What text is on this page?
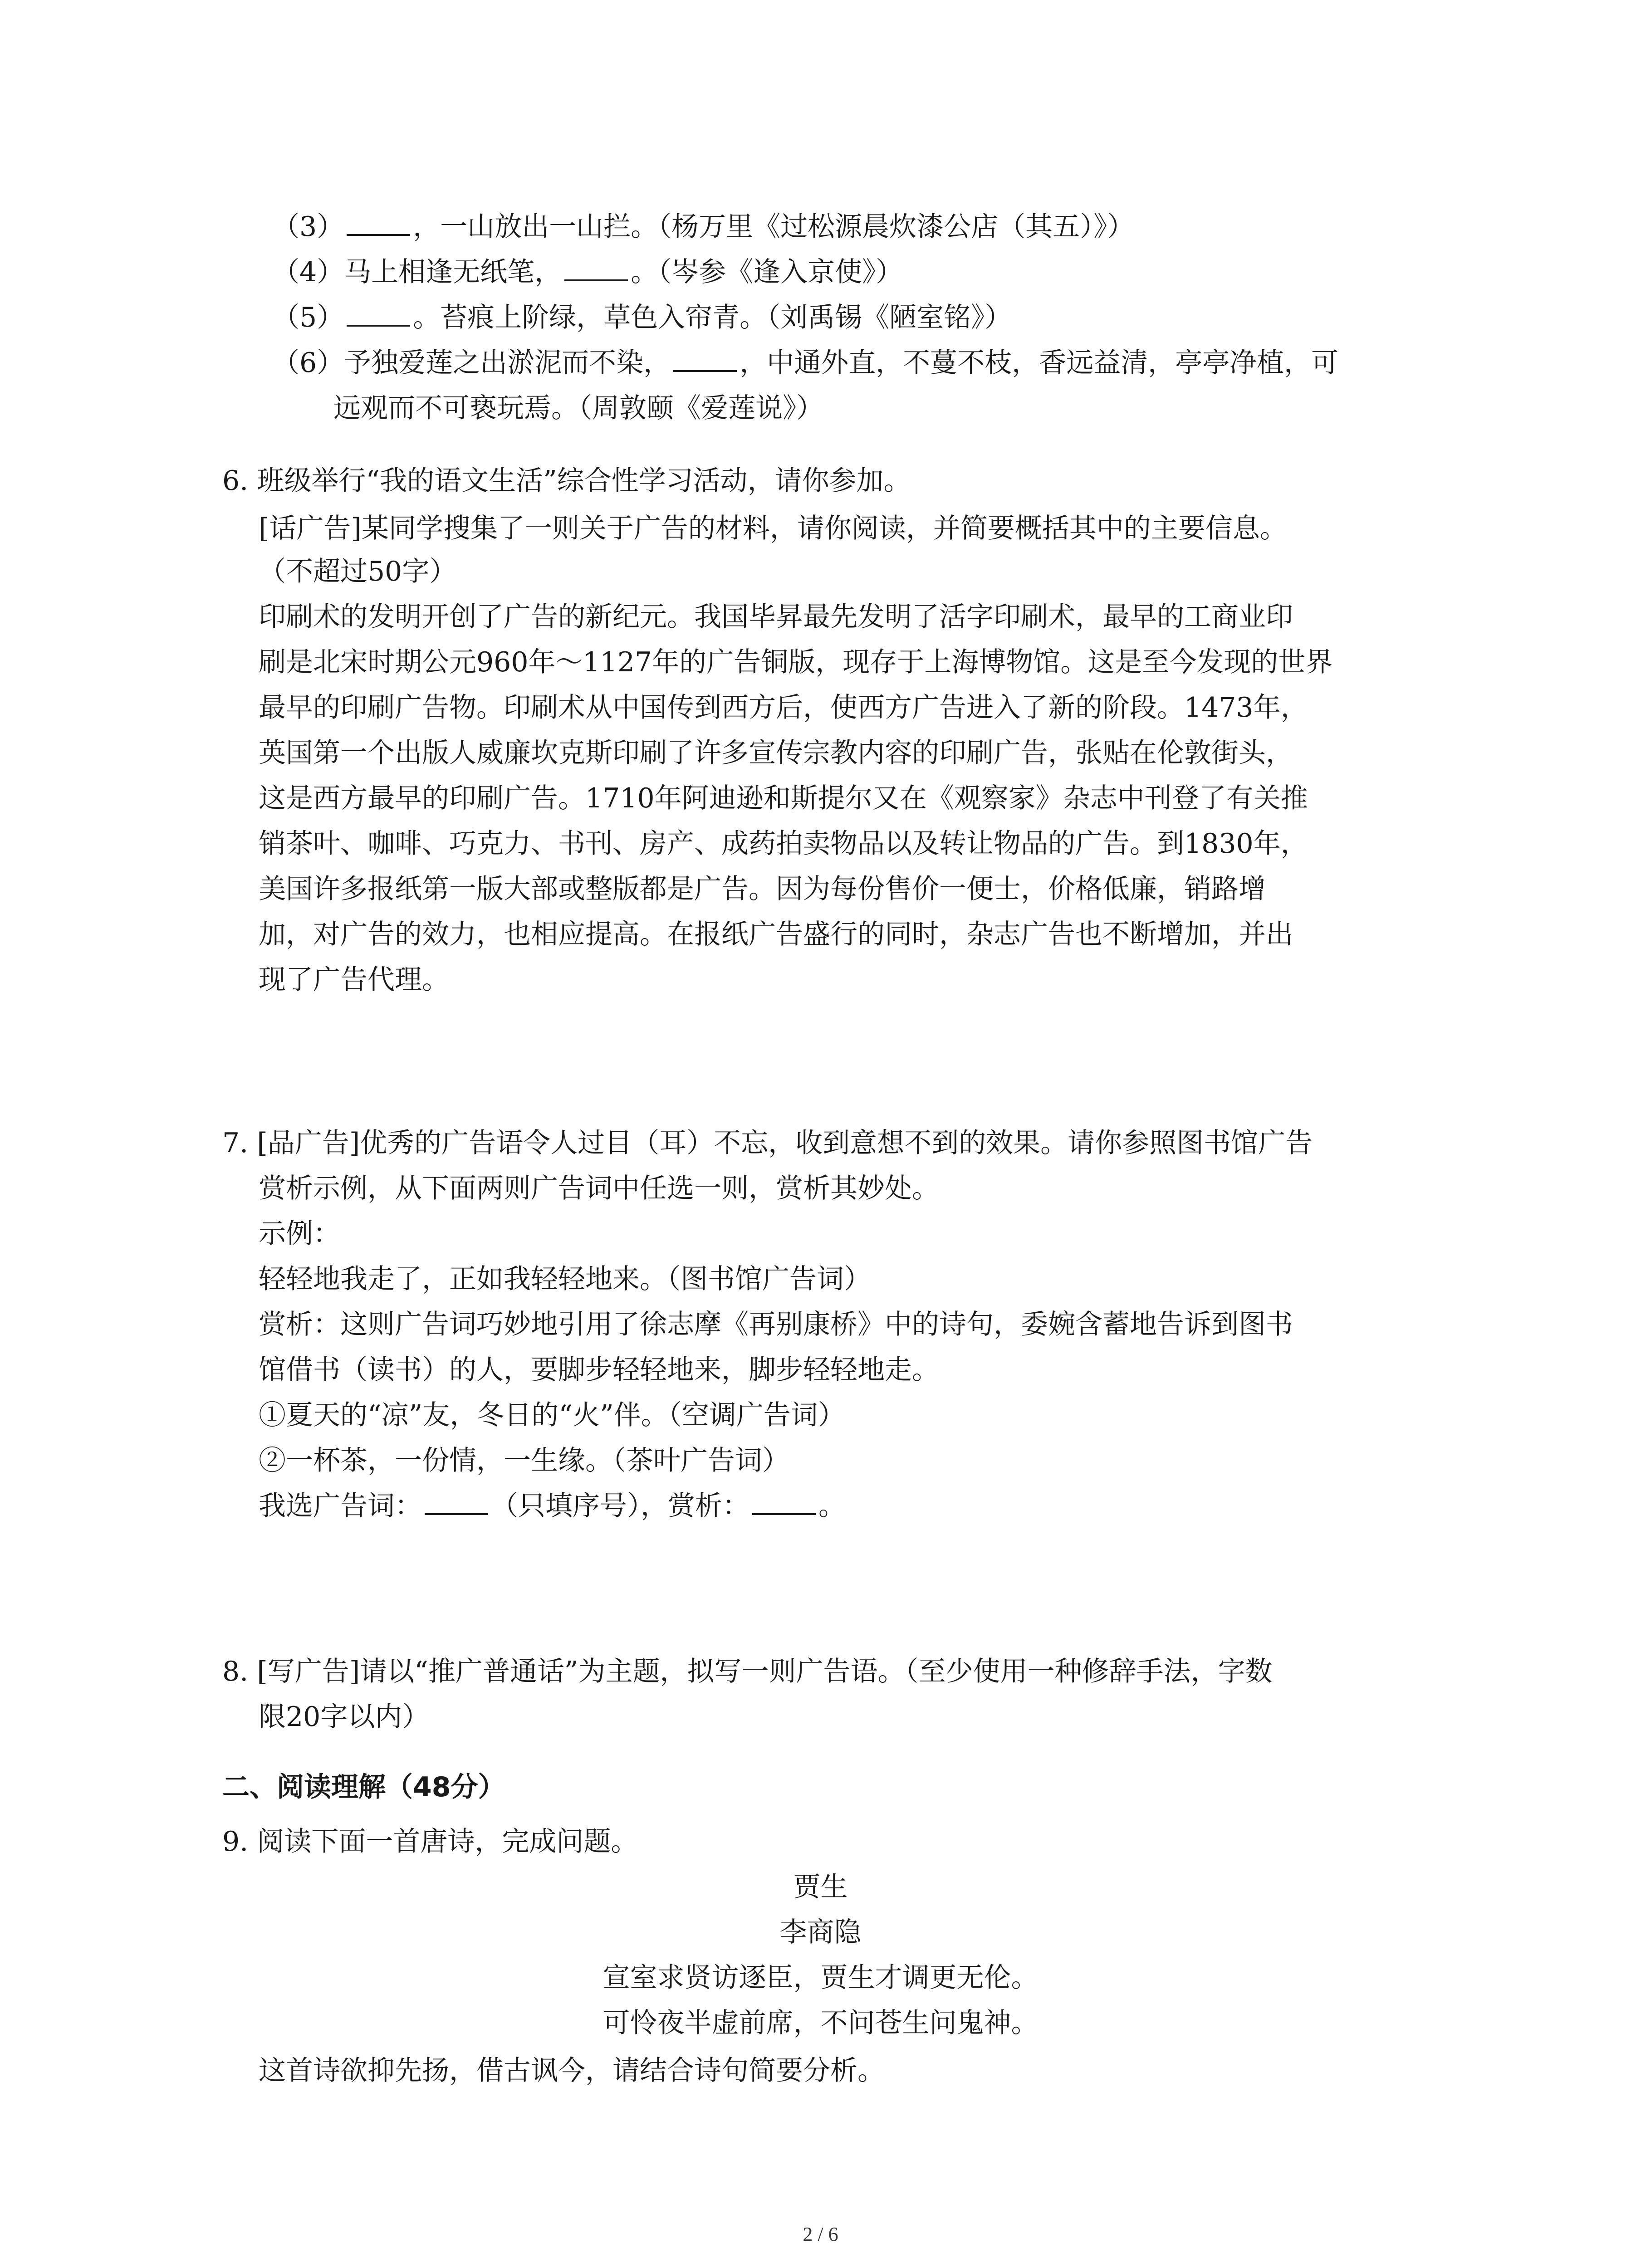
（3）	，一山放出一山拦。（杨万里《过松源晨炊漆公店（其五）》）
（4）马上相逢无纸笔，	。（岑参《逢入京使》）
（5）	。苔痕上阶绿，草色入帘青。（刘禹锡《陋室铭》）
（6）予独爱莲之出淤泥而不染，	，中通外直，不蔓不枝，香远益清，亭亭净植，可
远观而不可亵玩焉。（周敦颐《爱莲说》）
6. 班级举行“我的语文生活”综合性学习活动，请你参加。
[话广告]某同学搜集了一则关于广告的材料，请你阅读，并简要概括其中的主要信息。
（不超过50字）
印刷术的发明开创了广告的新纪元。我国毕昇最先发明了活字印刷术，最早的工商业印
刷是北宋时期公元960年～1127年的广告铜版，现存于上海博物馆。这是至今发现的世界
最早的印刷广告物。印刷术从中国传到西方后，使西方广告进入了新的阶段。1473年，
英国第一个出版人威廉坎克斯印刷了许多宣传宗教内容的印刷广告，张贴在伦敦街头，
这是西方最早的印刷广告。1710年阿迪逊和斯提尔又在《观察家》杂志中刊登了有关推
销茶叶、咖啡、巧克力、书刊、房产、成药拍卖物品以及转让物品的广告。到1830年，
美国许多报纸第一版大部或整版都是广告。因为每份售价一便士，价格低廉，销路增
加，对广告的效力，也相应提高。在报纸广告盛行的同时，杂志广告也不断增加，并出
现了广告代理。
7. [品广告]优秀的广告语令人过目（耳）不忘，收到意想不到的效果。请你参照图书馆广告
赏析示例，从下面两则广告词中任选一则，赏析其妙处。
示例：
轻轻地我走了，正如我轻轻地来。（图书馆广告词）
赏析：这则广告词巧妙地引用了徐志摩《再别康桥》中的诗句，委婉含蓄地告诉到图书
馆借书（读书）的人，要脚步轻轻地来，脚步轻轻地走。
①夏天的“凉”友，冬日的“火”伴。（空调广告词）
②一杯茶，一份情，一生缘。（茶叶广告词）
我选广告词：	（只填序号），赏析：	。
8. [写广告]请以“推广普通话”为主题，拟写一则广告语。（至少使用一种修辞手法，字数
限20字以内）
二、阅读理解（48分）
9. 阅读下面一首唐诗，完成问题。
贾生
李商隐
宣室求贤访逐臣，贾生才调更无伦。
可怜夜半虚前席，不问苍生问鬼神。
这首诗欲抑先扬，借古讽今，请结合诗句简要分析。
2 / 6
